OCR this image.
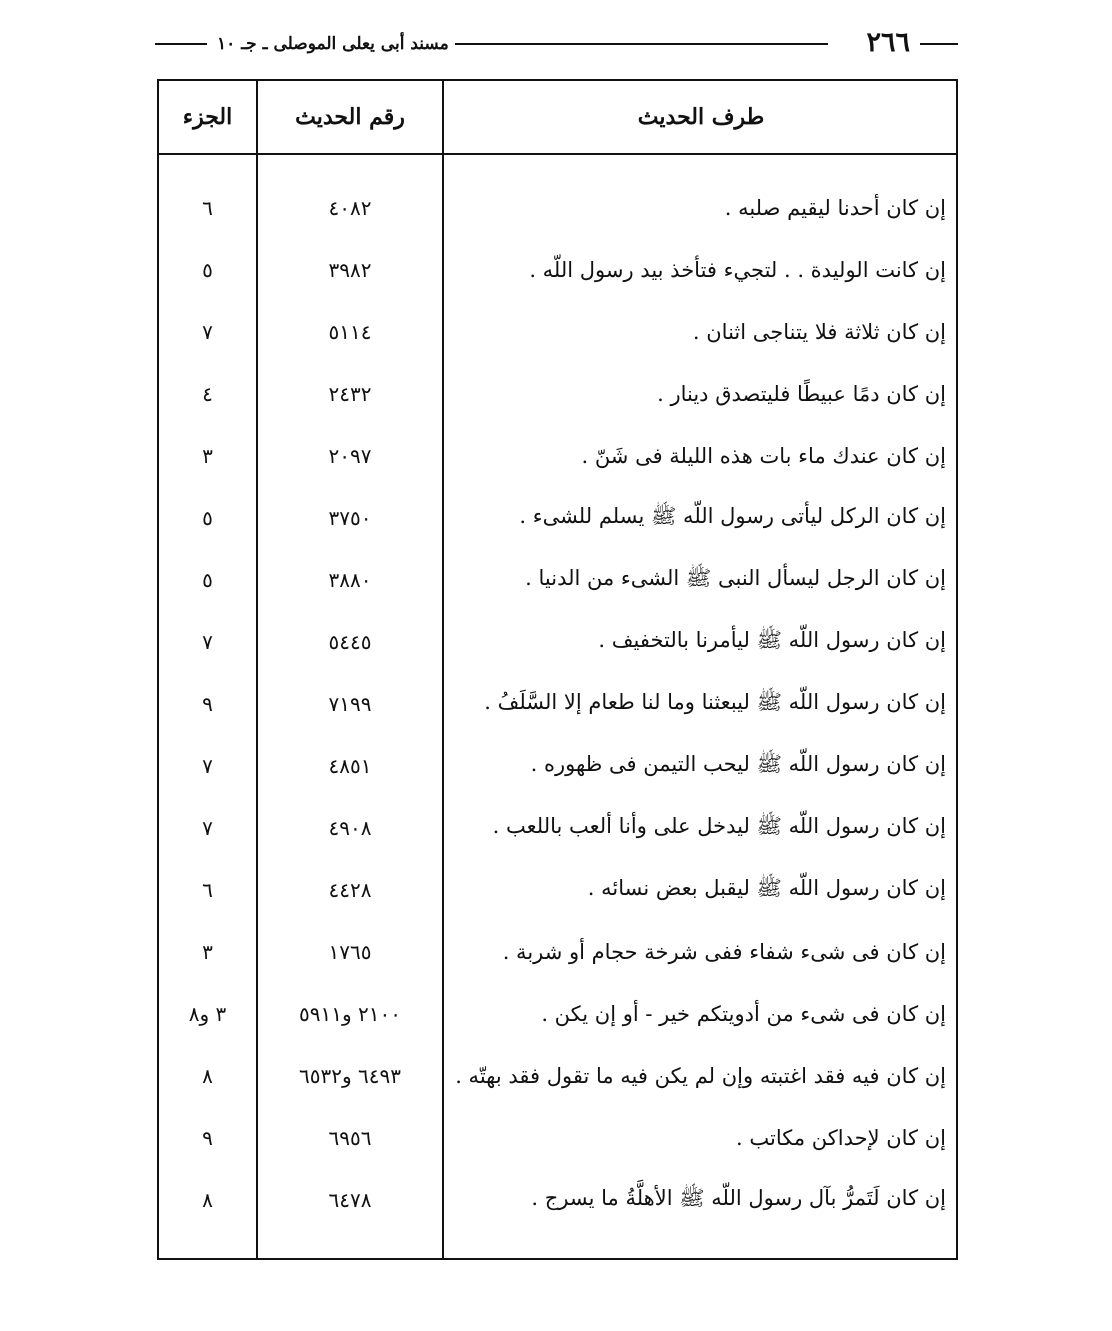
٢٦٦
مسند أبى يعلى الموصلى ـ جـ ١٠
طرف الحديث
رقم الحديث
الجزء
إن كان أحدنا ليقيم صلبه .
٤٠٨٢
٦
إن كانت الوليدة . . لتجيء فتأخذ بيد رسول اللّه .
٣٩٨٢
٥
إن كان ثلاثة فلا يتناجى اثنان .
٥١١٤
٧
إن كان دمًا عبيطًا فليتصدق دينار .
٢٤٣٢
٤
إن كان عندك ماء بات هذه الليلة فى شَنّ .
٢٠٩٧
٣
إن كان الركل ليأتى رسول اللّه ﷺ يسلم للشىء .
٣٧٥٠
٥
إن كان الرجل ليسأل النبى ﷺ الشىء من الدنيا .
٣٨٨٠
٥
إن كان رسول اللّه ﷺ ليأمرنا بالتخفيف .
٥٤٤٥
٧
إن كان رسول اللّه ﷺ ليبعثنا وما لنا طعام إلا السَّلَفُ .
٧١٩٩
٩
إن كان رسول اللّه ﷺ ليحب التيمن فى ظهوره .
٤٨٥١
٧
إن كان رسول اللّه ﷺ ليدخل على وأنا ألعب باللعب .
٤٩٠٨
٧
إن كان رسول اللّه ﷺ ليقبل بعض نسائه .
٤٤٢٨
٦
إن كان فى شىء شفاء ففى شرخة حجام أو شربة .
١٧٦٥
٣
إن كان فى شىء من أدويتكم خير - أو إن يكن .
٢١٠٠ و٥٩١١
٣ و٨
إن كان فيه فقد اغتبته وإن لم يكن فيه ما تقول فقد بهتّه .
٦٤٩٣ و٦٥٣٢
٨
إن كان لإحداكن مكاتب .
٦٩٥٦
٩
إن كان لَتَمرُّ بآل رسول اللّه ﷺ الأهلَّةُ ما يسرج .
٦٤٧٨
٨
